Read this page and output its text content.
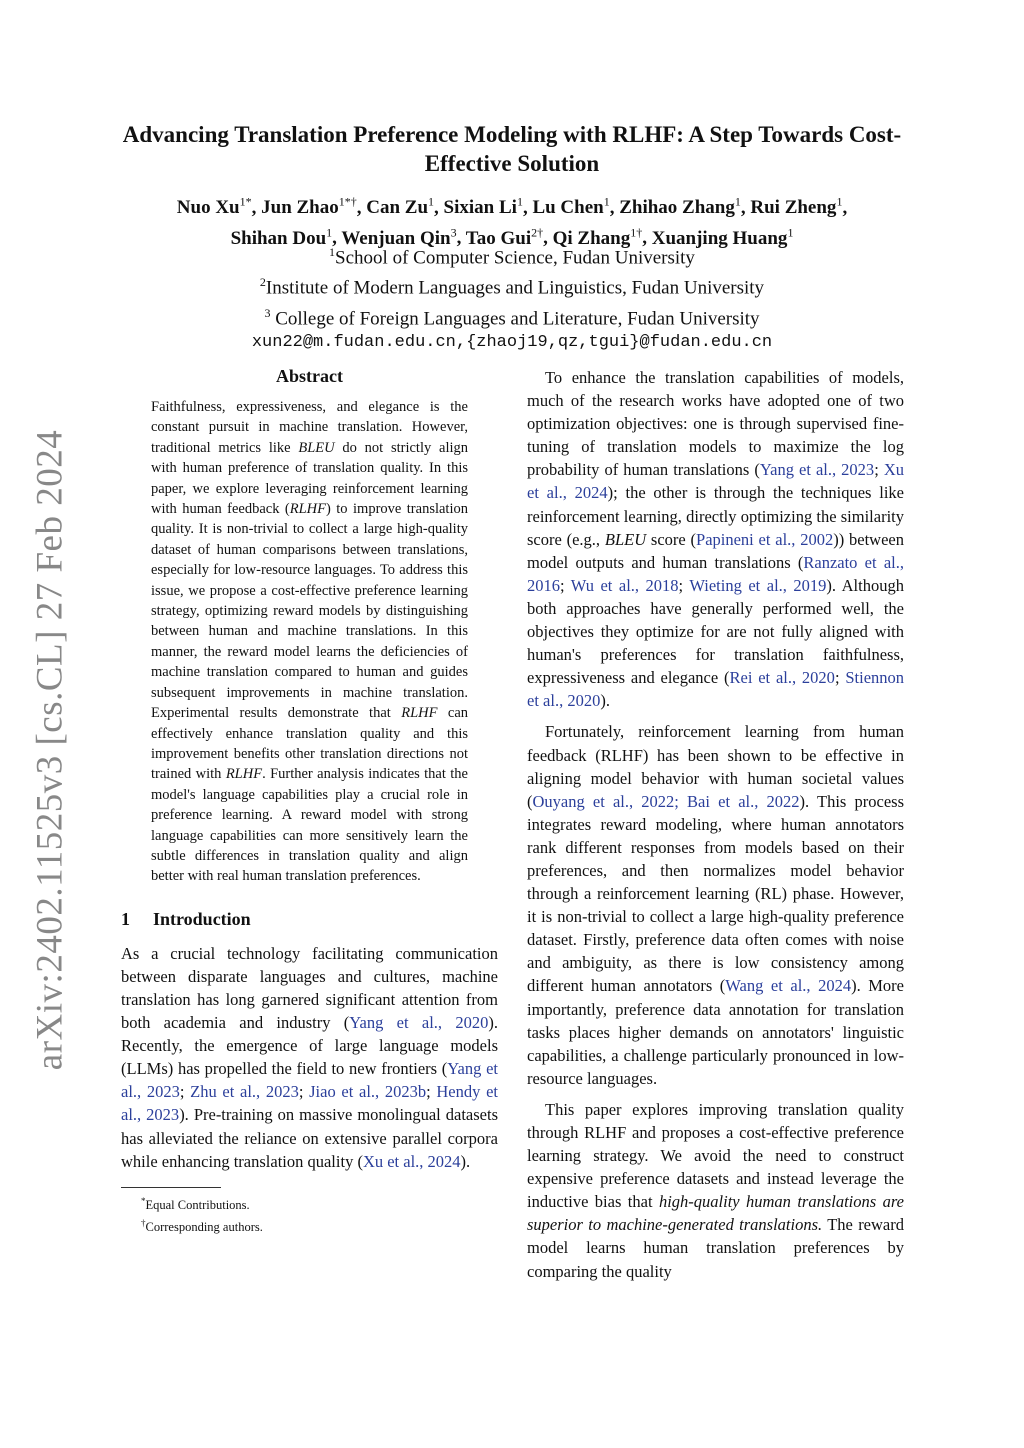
arXiv:2402.11525v3 [cs.CL] 27 Feb 2024
Advancing Translation Preference Modeling with RLHF: A Step Towards Cost-Effective Solution
Nuo $Xu^{1*}$, Jun Zhao$^{1*\dagger}$, Can Zu$^1$, Sixian Li$^1$, Lu Chen$^1$, Zhihao Zhang$^1$, Rui Zheng$^1$,
Shihan Dou$^1$, Wenjuan Qin$^3$, Tao Gui$^{2\dagger}$, Qi Zhang$^{1\dagger}$, Xuanjing Huang$^1$
$^1$School of Computer Science, Fudan University
$^2$Institute of Modern Languages and Linguistics, Fudan University
$^3$ College of Foreign Languages and Literature, Fudan University
xun22@m.fudan.edu.cn,{zhaoj19,qz,tgui}@fudan.edu.cn
Abstract

Faithfulness, expressiveness, and elegance is the constant pursuit in machine translation. However, traditional metrics like BLEU do not strictly align with human preference of translation quality. In this paper, we explore leveraging reinforcement learning with human feedback (RLHF) to improve translation quality. It is non-trivial to collect a large high-quality dataset of human comparisons between translations, especially for low-resource languages. To address this issue, we propose a cost-effective preference learning strategy, optimizing reward models by distinguishing between human and machine translations. In this manner, the reward model learns the deficiencies of machine translation compared to human and guides subsequent improvements in machine translation. Experimental results demonstrate that RLHF can effectively enhance translation quality and this improvement benefits other translation directions not trained with RLHF. Further analysis indicates that the model's language capabilities play a crucial role in preference learning. A reward model with strong language capabilities can more sensitively learn the subtle differences in translation quality and align better with real human translation preferences.

1 Introduction

As a crucial technology facilitating communication between disparate languages and cultures, machine translation has long garnered significant attention from both academia and industry (Yang et al., 2020). Recently, the emergence of large language models (LLMs) has propelled the field to new frontiers (Yang et al., 2023; Zhu et al., 2023; Jiao et al., 2023b; Hendy et al., 2023). Pre-training on massive monolingual datasets has alleviated the reliance on extensive parallel corpora while enhancing translation quality (Xu et al., 2024).

*Equal Contributions.
†Corresponding authors.

To enhance the translation capabilities of models, much of the research works have adopted one of two optimization objectives: one is through supervised fine-tuning of translation models to maximize the log probability of human translations (Yang et al., 2023; Xu et al., 2024); the other is through the techniques like reinforcement learning, directly optimizing the similarity score (e.g., BLEU score (Papineni et al., 2002)) between model outputs and human translations (Ranzato et al., 2016; Wu et al., 2018; Wieting et al., 2019). Although both approaches have generally performed well, the objectives they optimize for are not fully aligned with human's preferences for translation faithfulness, expressiveness and elegance (Rei et al., 2020; Stiennon et al., 2020).

Fortunately, reinforcement learning from human feedback (RLHF) has been shown to be effective in aligning model behavior with human societal values (Ouyang et al., 2022; Bai et al., 2022). This process integrates reward modeling, where human annotators rank different responses from models based on their preferences, and then normalizes model behavior through a reinforcement learning (RL) phase. However, it is non-trivial to collect a large high-quality preference dataset. Firstly, preference data often comes with noise and ambiguity, as there is low consistency among different human annotators (Wang et al., 2024). More importantly, preference data annotation for translation tasks places higher demands on annotators' linguistic capabilities, a challenge particularly pronounced in low-resource languages.

This paper explores improving translation quality through RLHF and proposes a cost-effective preference learning strategy. We avoid the need to construct expensive preference datasets and instead leverage the inductive bias that high-quality human translations are superior to machine-generated translations. The reward model learns human translation preferences by comparing the quality
